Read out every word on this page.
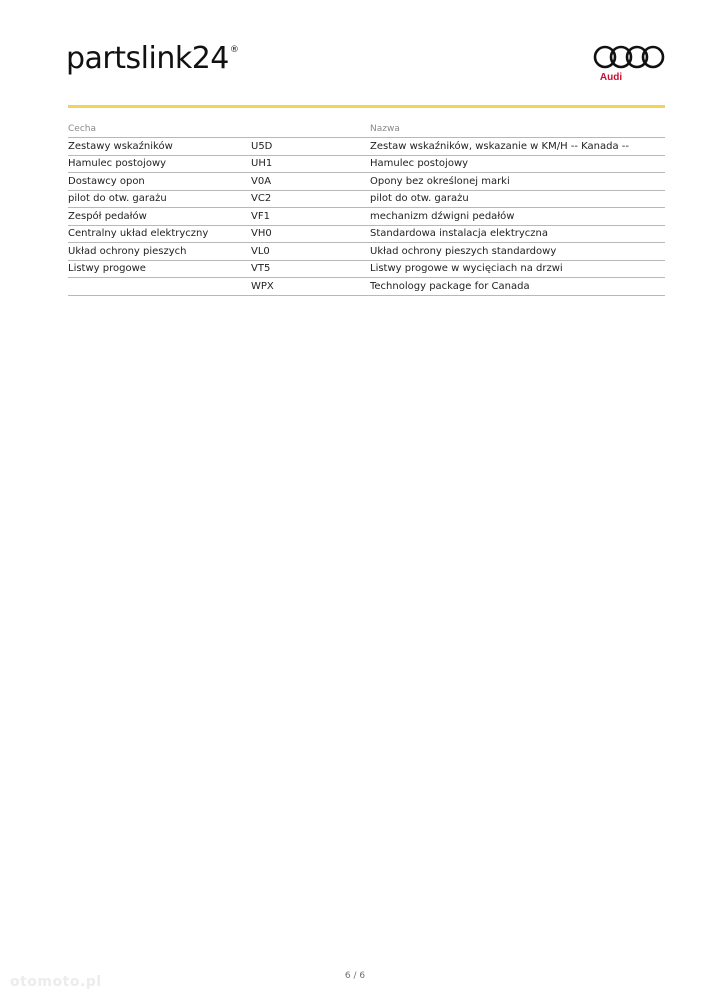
partslink24®
Audi
Cecha		Nazwa
Zestawy wskaźników	U5D	Zestaw wskaźników, wskazanie w KM/H -- Kanada --
Hamulec postojowy	UH1	Hamulec postojowy
Dostawcy opon	V0A	Opony bez określonej marki
pilot do otw. garażu	VC2	pilot do otw. garażu
Zespół pedałów	VF1	mechanizm dźwigni pedałów
Centralny układ elektryczny	VH0	Standardowa instalacja elektryczna
Układ ochrony pieszych	VL0	Układ ochrony pieszych standardowy
Listwy progowe	VT5	Listwy progowe w wycięciach na drzwi
	WPX	Technology package for Canada
6 / 6
otomoto.pl
